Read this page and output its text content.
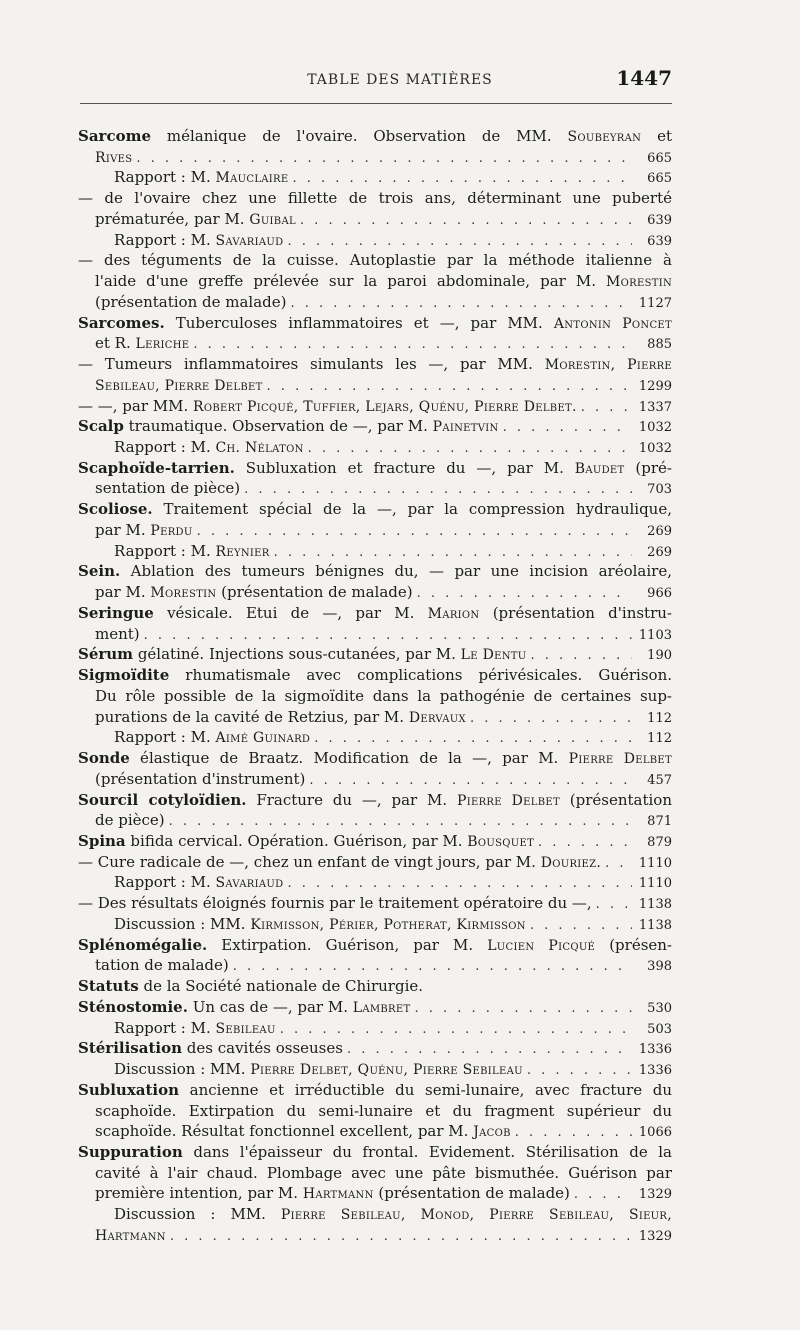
TABLE DES MATIÈRES	1447
Sarcome mélanique de l'ovaire. Observation de MM. Soubeyran et
Rives . . .	665
Rapport : M. Mauclaire . . .	665
— de l'ovaire chez une fillette de trois ans, déterminant une puberté
prématurée, par M. Guibal . . .	639
Rapport : M. Savariaud . . .	639
— des téguments de la cuisse. Autoplastie par la méthode italienne à
l'aide d'une greffe prélevée sur la paroi abdominale, par M. Morestin
(présentation de malade) . . .	1127
Sarcomes. Tuberculoses inflammatoires et —, par MM. Antonin Poncet
et R. Leriche . . .	885
— Tumeurs inflammatoires simulants les —, par MM. Morestin, Pierre
Sebileau, Pierre Delbet . . .	1299
— —, par MM. Robert Picqué, Tuffier, Lejars, Quénu, Pierre Delbet. . . .	1337
Scalp traumatique. Observation de —, par M. Painetvin . . .	1032
Rapport : M. Ch. Nélaton . . .	1032
Scaphoïde-tarrien. Subluxation et fracture du —, par M. Baudet (pré-
sentation de pièce) . . .	703
Scoliose. Traitement spécial de la —, par la compression hydraulique,
par M. Perdu . . .	269
Rapport : M. Reynier . . .	269
Sein. Ablation des tumeurs bénignes du, — par une incision aréolaire,
par M. Morestin (présentation de malade) . . .	966
Seringue vésicale. Etui de —, par M. Marion (présentation d'instru-
ment) . . .	1103
Sérum gélatiné. Injections sous-cutanées, par M. Le Dentu . . .	190
Sigmoïdite rhumatismale avec complications périvésicales. Guérison.
Du rôle possible de la sigmoïdite dans la pathogénie de certaines sup-
purations de la cavité de Retzius, par M. Dervaux . . .	112
Rapport : M. Aimé Guinard . . .	112
Sonde élastique de Braatz. Modification de la —, par M. Pierre Delbet
(présentation d'instrument) . . .	457
Sourcil cotyloïdien. Fracture du —, par M. Pierre Delbet (présentation
de pièce) . . .	871
Spina bifida cervical. Opération. Guérison, par M. Bousquet . . .	879
— Cure radicale de —, chez un enfant de vingt jours, par M. Douriez. . . .	1110
Rapport : M. Savariaud . . .	1110
— Des résultats éloignés fournis par le traitement opératoire du —, . . .	1138
Discussion : MM. Kirmisson, Périer, Potherat, Kirmisson . . .	1138
Splénomégalie. Extirpation. Guérison, par M. Lucien Picqué (présen-
tation de malade) . . .	398
Statuts de la Société nationale de Chirurgie.
Sténostomie. Un cas de —, par M. Lambret . . .	530
Rapport : M. Sebileau . . .	503
Stérilisation des cavités osseuses . . .	1336
Discussion : MM. Pierre Delbet, Quénu, Pierre Sebileau . . .	1336
Subluxation ancienne et irréductible du semi-lunaire, avec fracture du
scaphoïde. Extirpation du semi-lunaire et du fragment supérieur du
scaphoïde. Résultat fonctionnel excellent, par M. Jacob . . .	1066
Suppuration dans l'épaisseur du frontal. Evidement. Stérilisation de la
cavité à l'air chaud. Plombage avec une pâte bismuthée. Guérison par
première intention, par M. Hartmann (présentation de malade) . . .	1329
Discussion : MM. Pierre Sebileau, Monod, Pierre Sebileau, Sieur,
Hartmann . . .	1329
